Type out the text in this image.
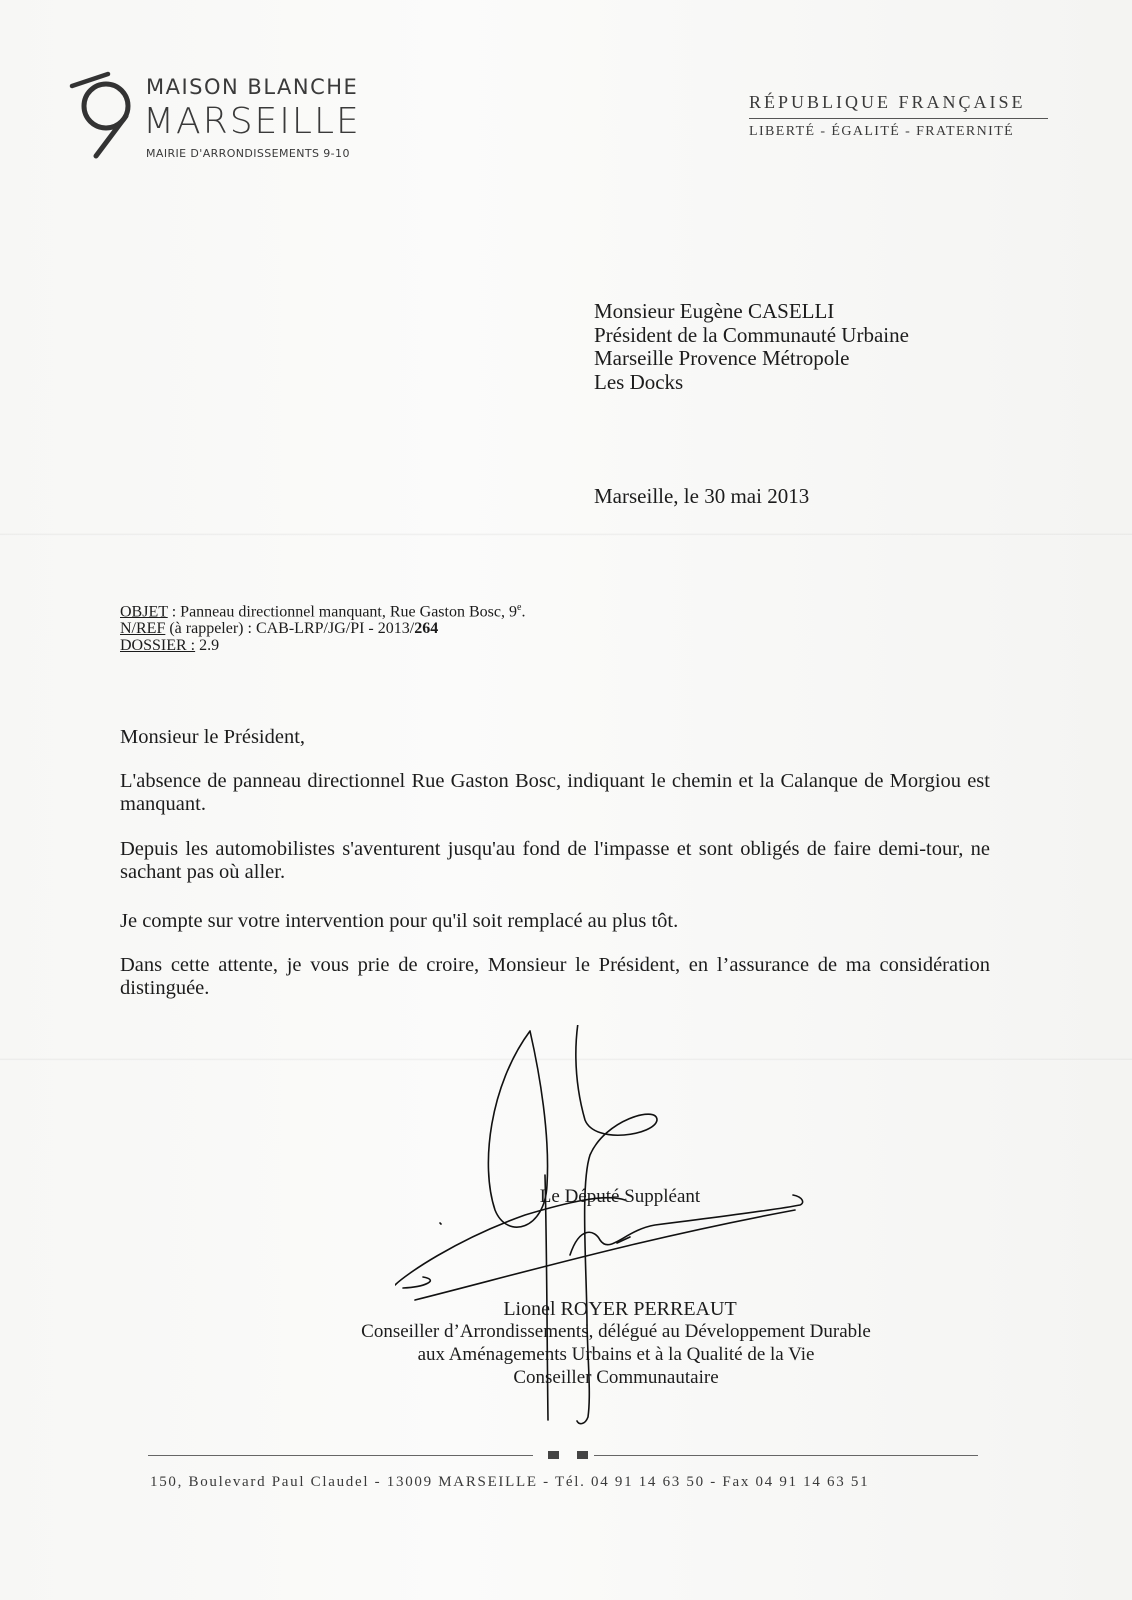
MAISON BLANCHE
MARSEILLE
MAIRIE D'ARRONDISSEMENTS 9-10
RÉPUBLIQUE FRANÇAISE
LIBERTÉ - ÉGALITÉ - FRATERNITÉ
Monsieur Eugène CASELLI
Président de la Communauté Urbaine
Marseille Provence Métropole
Les Docks
Marseille, le 30 mai 2013
OBJET : Panneau directionnel manquant, Rue Gaston Bosc, 9e.
N/REF (à rappeler) : CAB-LRP/JG/PI - 2013/264
DOSSIER : 2.9
Monsieur le Président,
L'absence de panneau directionnel Rue Gaston Bosc, indiquant le chemin et la Calanque de Morgiou est manquant.
Depuis les automobilistes s'aventurent jusqu'au fond de l'impasse et sont obligés de faire demi-tour, ne sachant pas où aller.
Je compte sur votre intervention pour qu'il soit remplacé au plus tôt.
Dans cette attente, je vous prie de croire, Monsieur le Président, en l’assurance de ma considération distinguée.
Le Député Suppléant
Lionel ROYER PERREAUT
Conseiller d’Arrondissements, délégué au Développement Durable
aux Aménagements Urbains et à la Qualité de la Vie
Conseiller Communautaire
150, Boulevard Paul Claudel - 13009 MARSEILLE - Tél. 04 91 14 63 50 - Fax 04 91 14 63 51
